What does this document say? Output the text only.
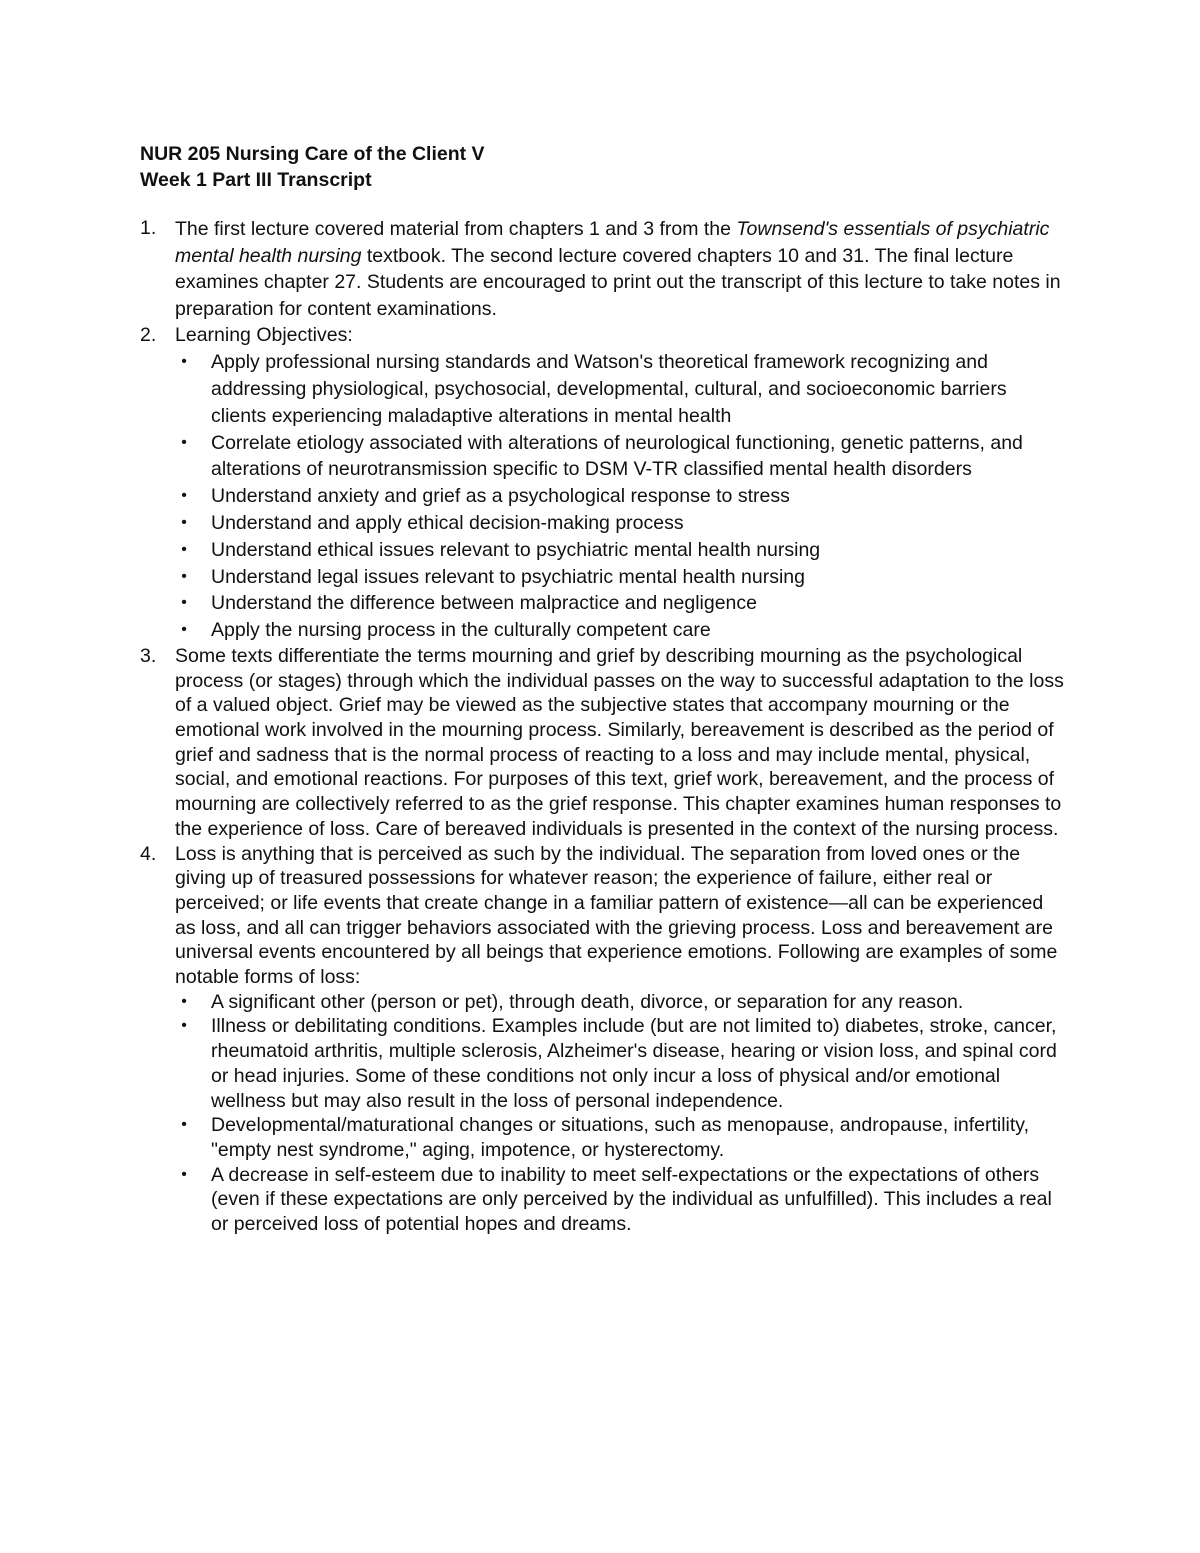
NUR 205 Nursing Care of the Client V

Week 1 Part III Transcript

1. The first lecture covered material from chapters 1 and 3 from the Townsend's essentials of psychiatric mental health nursing textbook. The second lecture covered chapters 10 and 31. The final lecture examines chapter 27. Students are encouraged to print out the transcript of this lecture to take notes in preparation for content examinations.

2. Learning Objectives:

• Apply professional nursing standards and Watson's theoretical framework recognizing and addressing physiological, psychosocial, developmental, cultural, and socioeconomic barriers clients experiencing maladaptive alterations in mental health
• Correlate etiology associated with alterations of neurological functioning, genetic patterns, and alterations of neurotransmission specific to DSM V-TR classified mental health disorders
• Understand anxiety and grief as a psychological response to stress
• Understand and apply ethical decision-making process
• Understand ethical issues relevant to psychiatric mental health nursing
• Understand legal issues relevant to psychiatric mental health nursing
• Understand the difference between malpractice and negligence
• Apply the nursing process in the culturally competent care
3. Some texts differentiate the terms mourning and grief by describing mourning as the psychological process (or stages) through which the individual passes on the way to successful adaptation to the loss of a valued object. Grief may be viewed as the subjective states that accompany mourning or the emotional work involved in the mourning process. Similarly, bereavement is described as the period of grief and sadness that is the normal process of reacting to a loss and may include mental, physical, social, and emotional reactions. For purposes of this text, grief work, bereavement, and the process of mourning are collectively referred to as the grief response. This chapter examines human responses to the experience of loss. Care of bereaved individuals is presented in the context of the nursing process.

4. Loss is anything that is perceived as such by the individual. The separation from loved ones or the giving up of treasured possessions for whatever reason; the experience of failure, either real or perceived; or life events that create change in a familiar pattern of existence—all can be experienced as loss, and all can trigger behaviors associated with the grieving process. Loss and bereavement are universal events encountered by all beings that experience emotions. Following are examples of some notable forms of loss:

• A significant other (person or pet), through death, divorce, or separation for any reason.
• Illness or debilitating conditions. Examples include (but are not limited to) diabetes, stroke, cancer, rheumatoid arthritis, multiple sclerosis, Alzheimer's disease, hearing or vision loss, and spinal cord or head injuries. Some of these conditions not only incur a loss of physical and/or emotional wellness but may also result in the loss of personal independence.
• Developmental/maturational changes or situations, such as menopause, andropause, infertility, "empty nest syndrome," aging, impotence, or hysterectomy.
• A decrease in self-esteem due to inability to meet self-expectations or the expectations of others (even if these expectations are only perceived by the individual as unfulfilled). This includes a real or perceived loss of potential hopes and dreams.
